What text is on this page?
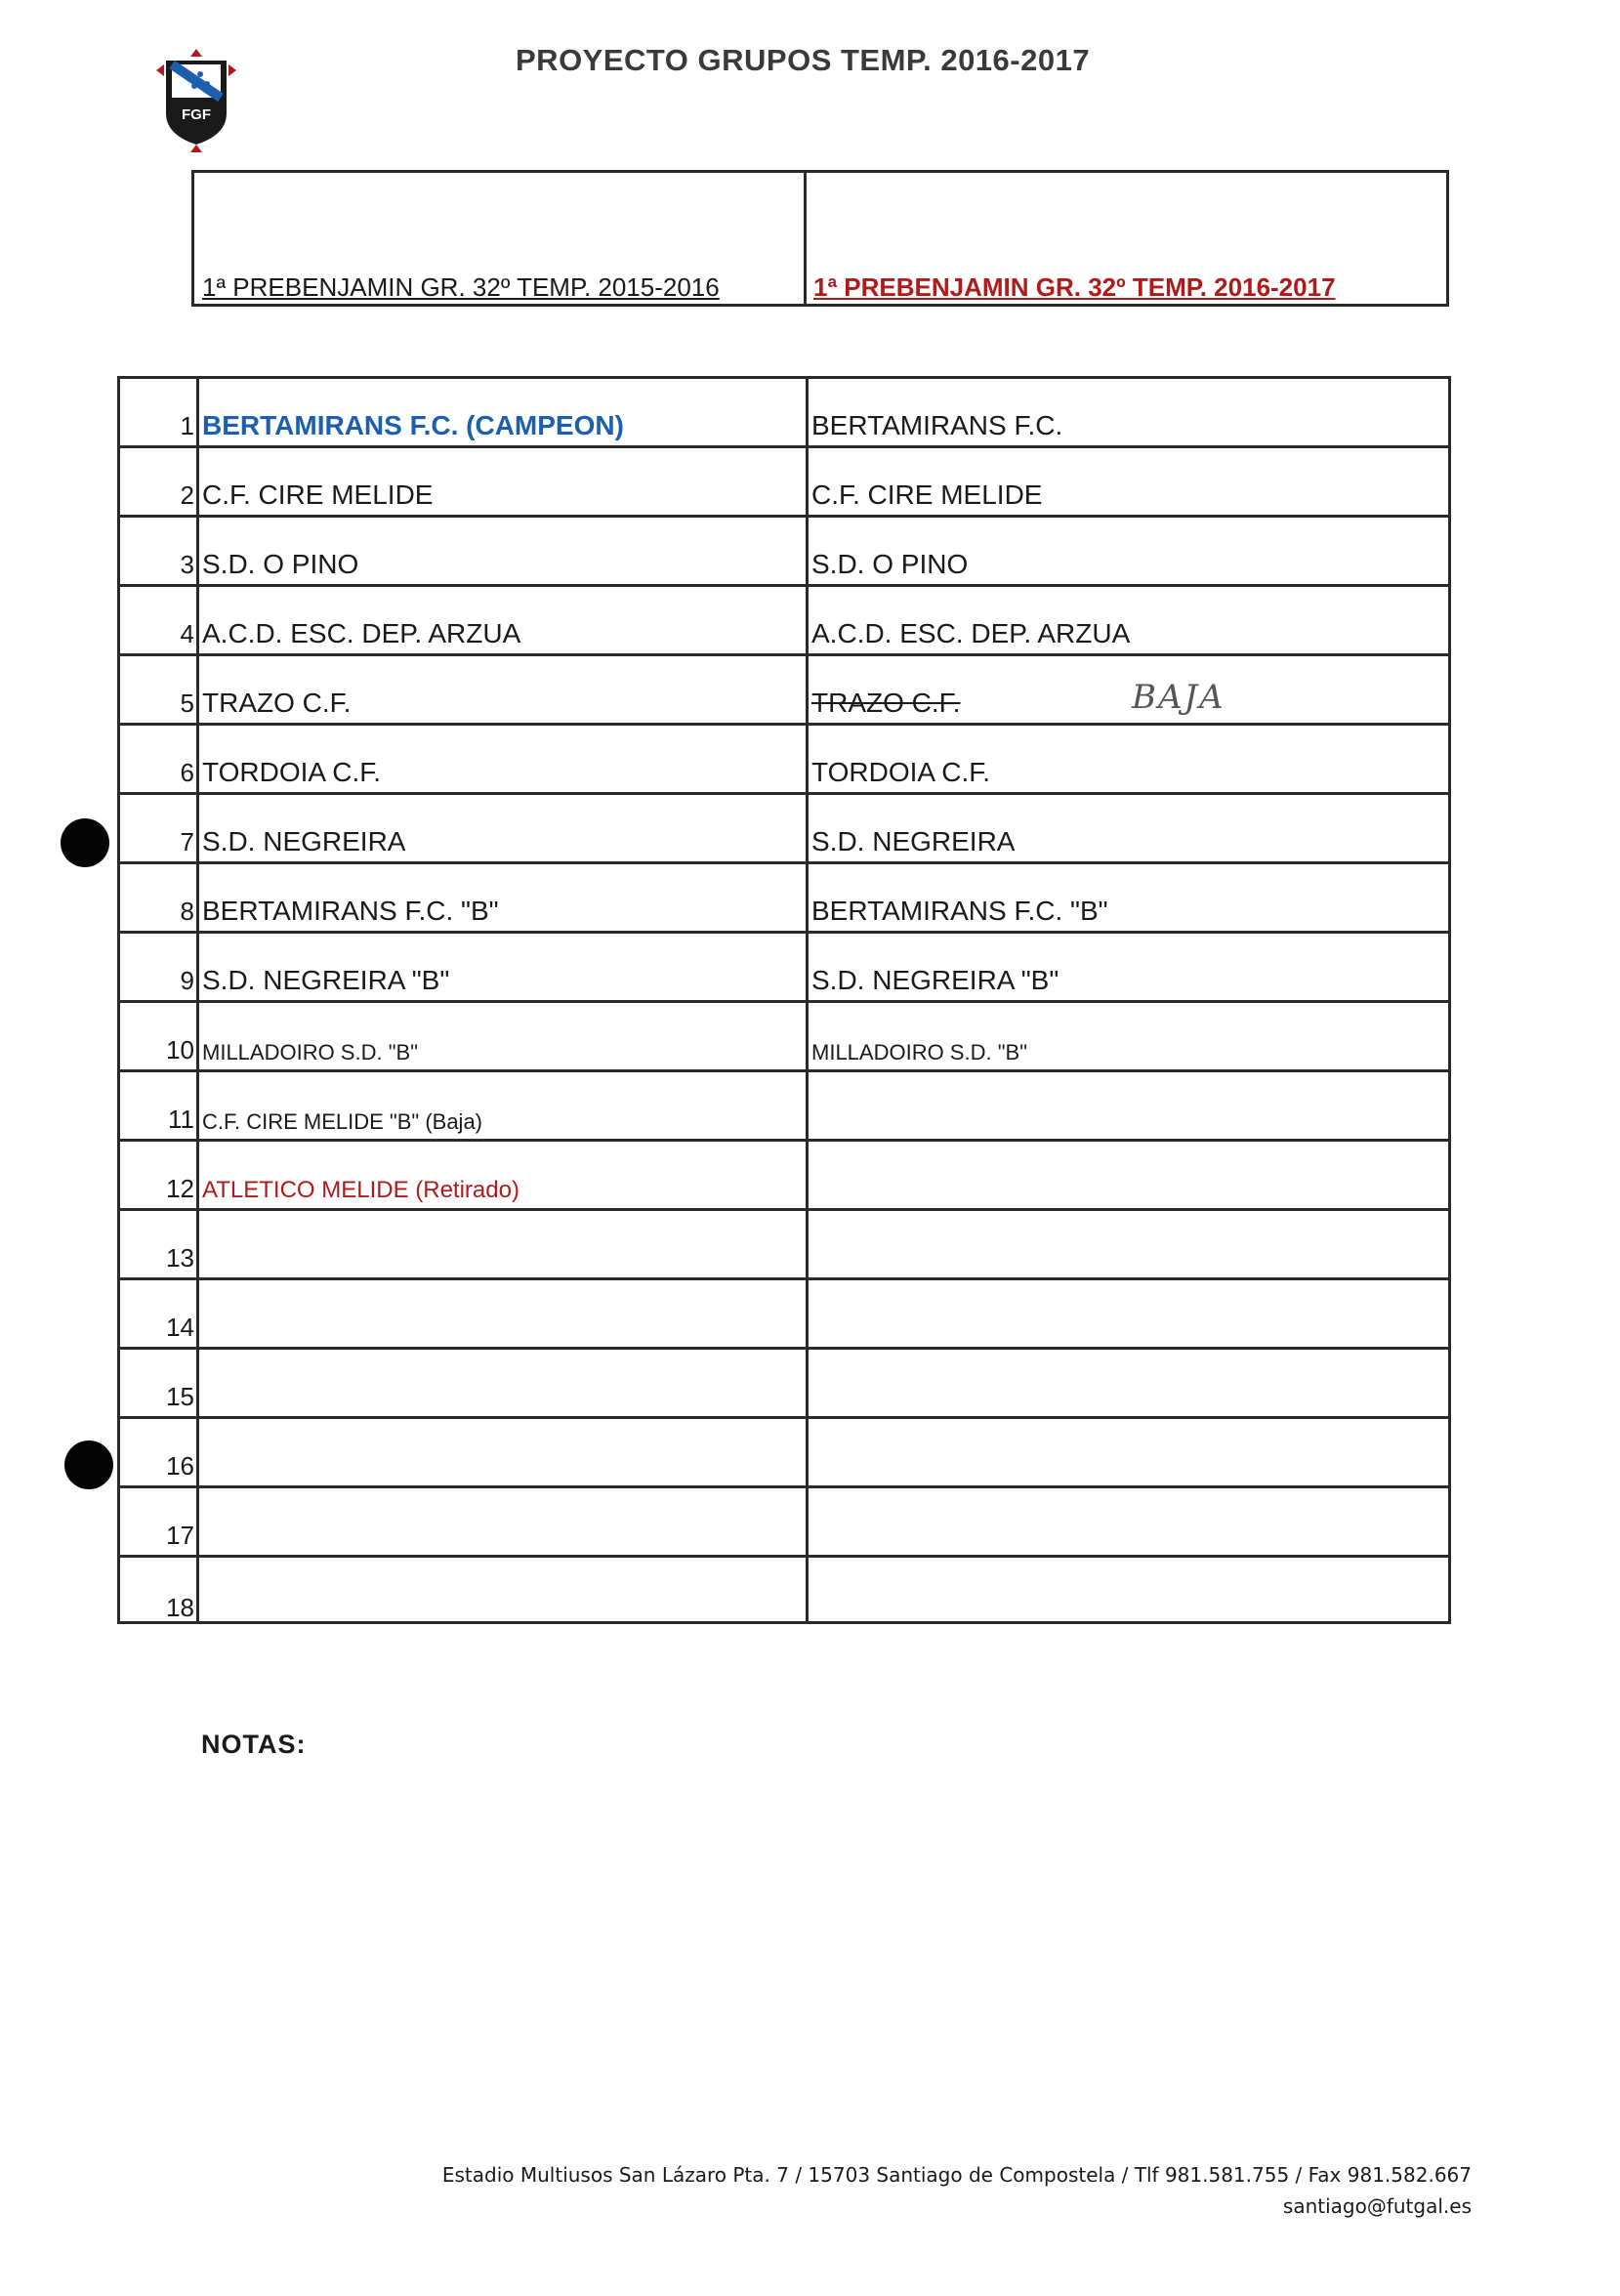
FGF
PROYECTO GRUPOS TEMP. 2016-2017
1ª PREBENJAMIN GR. 32º TEMP. 2015-2016	1ª PREBENJAMIN GR. 32º TEMP. 2016-2017
1 BERTAMIRANS F.C. (CAMPEON)	BERTAMIRANS F.C.
2 C.F. CIRE MELIDE	C.F. CIRE MELIDE
3 S.D. O PINO	S.D. O PINO
4 A.C.D. ESC. DEP. ARZUA	A.C.D. ESC. DEP. ARZUA
5 TRAZO C.F.	TRAZO C.F.	BAJA
6 TORDOIA C.F.	TORDOIA C.F.
7 S.D. NEGREIRA	S.D. NEGREIRA
8 BERTAMIRANS F.C. "B"	BERTAMIRANS F.C. "B"
9 S.D. NEGREIRA "B"	S.D. NEGREIRA "B"
10 MILLADOIRO S.D. "B"	MILLADOIRO S.D. "B"
11 C.F. CIRE MELIDE "B" (Baja)
12 ATLETICO MELIDE (Retirado)
13
14
15
16
17
18
NOTAS:
Estadio Multiusos San Lázaro Pta. 7 / 15703 Santiago de Compostela / Tlf 981.581.755 / Fax 981.582.667
santiago@futgal.es
